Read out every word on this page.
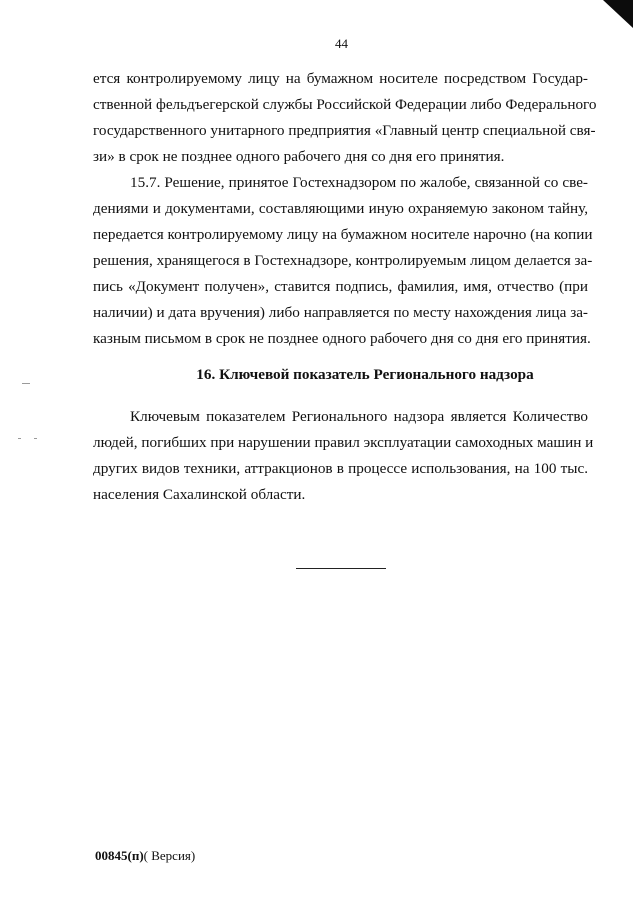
44
ется контролируемому лицу на бумажном носителе посредством Государ-
ственной фельдъегерской службы Российской Федерации либо Федерального
государственного унитарного предприятия «Главный центр специальной свя-
зи» в срок не позднее одного рабочего дня со дня его принятия.
15.7. Решение, принятое Гостехнадзором по жалобе, связанной со све-
дениями и документами, составляющими иную охраняемую законом тайну,
передается контролируемому лицу на бумажном носителе нарочно (на копии
решения, хранящегося в Гостехнадзоре, контролируемым лицом делается за-
пись «Документ получен», ставится подпись, фамилия, имя, отчество (при
наличии) и дата вручения) либо направляется по месту нахождения лица за-
казным письмом в срок не позднее одного рабочего дня со дня его принятия.
16. Ключевой показатель Регионального надзора
Ключевым показателем Регионального надзора является Количество
людей, погибших при нарушении правил эксплуатации самоходных машин и
других видов техники, аттракционов в процессе использования, на 100 тыс.
населения Сахалинской области.
00845(п)( Версия)
